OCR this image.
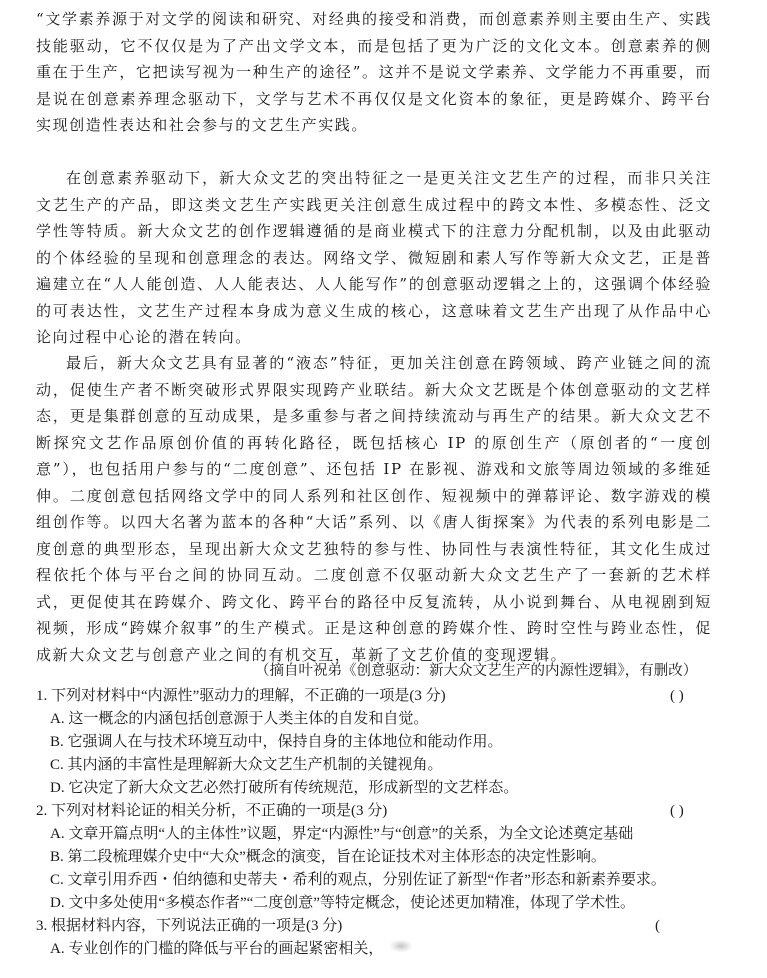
“文学素养源于对文学的阅读和研究、对经典的接受和消费，而创意素养则主要由生产、实践技能驱动，它不仅仅是为了产出文学文本，而是包括了更为广泛的文化文本。创意素养的侧重在于生产，它把读写视为一种生产的途径”。这并不是说文学素养、文学能力不再重要，而是说在创意素养理念驱动下，文学与艺术不再仅仅是文化资本的象征，更是跨媒介、跨平台实现创造性表达和社会参与的文艺生产实践。

在创意素养驱动下，新大众文艺的突出特征之一是更关注文艺生产的过程，而非只关注文艺生产的产品，即这类文艺生产实践更关注创意生成过程中的跨文本性、多模态性、泛文学性等特质。新大众文艺的创作逻辑遵循的是商业模式下的注意力分配机制，以及由此驱动的个体经验的呈现和创意理念的表达。网络文学、微短剧和素人写作等新大众文艺，正是普遍建立在“人人能创造、人人能表达、人人能写作”的创意驱动逻辑之上的，这强调个体经验的可表达性，文艺生产过程本身成为意义生成的核心，这意味着文艺生产出现了从作品中心论向过程中心论的潜在转向。

最后，新大众文艺具有显著的“液态”特征，更加关注创意在跨领域、跨产业链之间的流动，促使生产者不断突破形式界限实现跨产业联结。新大众文艺既是个体创意驱动的文艺样态，更是集群创意的互动成果，是多重参与者之间持续流动与再生产的结果。新大众文艺不断探究文艺作品原创价值的再转化路径，既包括核心 IP 的原创生产（原创者的“一度创意”），也包括用户参与的“二度创意”、还包括 IP 在影视、游戏和文旅等周边领域的多维延伸。二度创意包括网络文学中的同人系列和社区创作、短视频中的弹幕评论、数字游戏的模组创作等。以四大名著为蓝本的各种“大话”系列、以《唐人街探案》为代表的系列电影是二度创意的典型形态，呈现出新大众文艺独特的参与性、协同性与表演性特征，其文化生成过程依托个体与平台之间的协同互动。二度创意不仅驱动新大众文艺生产了一套新的艺术样式，更促使其在跨媒介、跨文化、跨平台的路径中反复流转，从小说到舞台、从电视剧到短视频，形成“跨媒介叙事”的生产模式。正是这种创意的跨媒介性、跨时空性与跨业态性，促成新大众文艺与创意产业之间的有机交互，革新了文艺价值的变现逻辑。

（摘自叶祝弟《创意驱动：新大众文艺生产的内源性逻辑》，有删改）

1. 下列对材料中“内源性”驱动力的理解，不正确的一项是(3 分)	( )

A. 这一概念的内涵包括创意源于人类主体的自发和自觉。

B. 它强调人在与技术环境互动中，保持自身的主体地位和能动作用。

C. 其内涵的丰富性是理解新大众文艺生产机制的关键视角。

D. 它决定了新大众文艺必然打破所有传统规范，形成新型的文艺样态。

2. 下列对材料论证的相关分析，不正确的一项是(3 分)	( )

A. 文章开篇点明“人的主体性”议题，界定“内源性”与“创意”的关系，为全文论述奠定基础

B. 第二段梳理媒介史中“大众”概念的演变，旨在论证技术对主体形态的决定性影响。

C. 文章引用乔西・伯纳德和史蒂夫・希利的观点，分别佐证了新型“作者”形态和新素养要求。

D. 文中多处使用“多模态作者”“二度创意”等特定概念，使论述更加精准，体现了学术性。

3. 根据材料内容，下列说法正确的一项是(3 分)	(

A. 专业创作的门槛的降低与平台的画起紧密相关，
